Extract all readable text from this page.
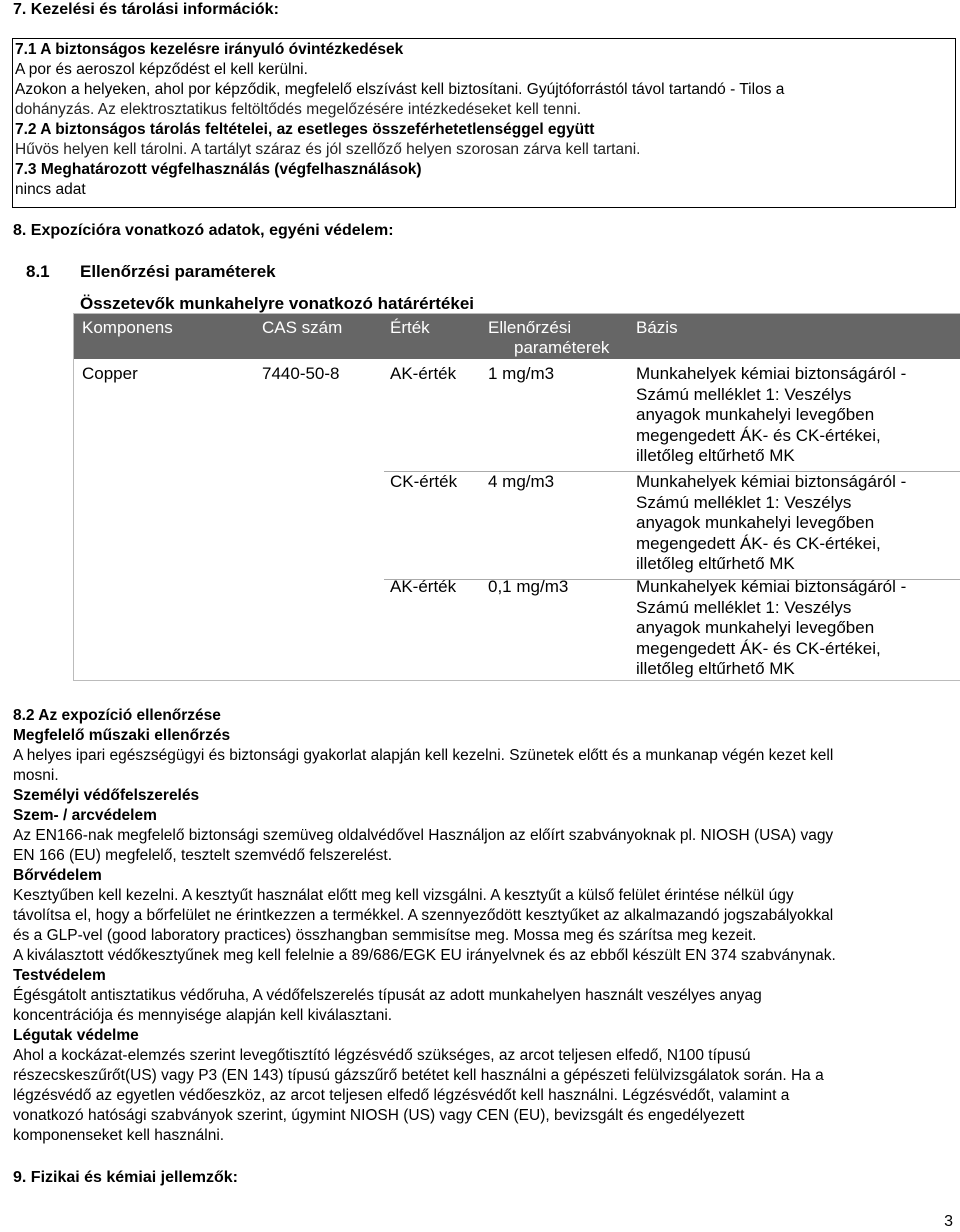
7. Kezelési és tárolási információk:
7.1 A biztonságos kezelésre irányuló óvintézkedések
A por és aeroszol képződést el kell kerülni.
Azokon a helyeken, ahol por képződik, megfelelő elszívást kell biztosítani. Gyújtóforrástól távol tartandó - Tilos a
dohányzás. Az elektrosztatikus feltöltődés megelőzésére intézkedéseket kell tenni.
7.2 A biztonságos tárolás feltételei, az esetleges összeférhetetlenséggel együtt
Hűvös helyen kell tárolni. A tartályt száraz és jól szellőző helyen szorosan zárva kell tartani.
7.3 Meghatározott végfelhasználás (végfelhasználások)
nincs adat
8. Expozícióra vonatkozó adatok, egyéni védelem:
8.1 Ellenőrzési paraméterek
Összetevők munkahelyre vonatkozó határértékei
Komponens	CAS szám	Érték	Ellenőrzési
paraméterek
Bázis
Copper	7440-50-8	AK-érték 1 mg/m3	Munkahelyek kémiai biztonságáról -
Számú melléklet 1: Veszélys
anyagok munkahelyi levegőben
megengedett ÁK- és CK-értékei,
illetőleg eltűrhető MK
CK-érték 4 mg/m3	Munkahelyek kémiai biztonságáról -
Számú melléklet 1: Veszélys
anyagok munkahelyi levegőben
megengedett ÁK- és CK-értékei,
illetőleg eltűrhető MK
AK-érték 0,1 mg/m3	Munkahelyek kémiai biztonságáról -
Számú melléklet 1: Veszélys
anyagok munkahelyi levegőben
megengedett ÁK- és CK-értékei,
illetőleg eltűrhető MK
8.2 Az expozíció ellenőrzése
Megfelelő műszaki ellenőrzés
A helyes ipari egészségügyi és biztonsági gyakorlat alapján kell kezelni. Szünetek előtt és a munkanap végén kezet kell
mosni.
Személyi védőfelszerelés
Szem- / arcvédelem
Az EN166-nak megfelelő biztonsági szemüveg oldalvédővel Használjon az előírt szabványoknak pl. NIOSH (USA) vagy
EN 166 (EU) megfelelő, tesztelt szemvédő felszerelést.
Bőrvédelem
Kesztyűben kell kezelni. A kesztyűt használat előtt meg kell vizsgálni. A kesztyűt a külső felület érintése nélkül úgy
távolítsa el, hogy a bőrfelület ne érintkezzen a termékkel. A szennyeződött kesztyűket az alkalmazandó jogszabályokkal
és a GLP-vel (good laboratory practices) összhangban semmisítse meg. Mossa meg és szárítsa meg kezeit.
A kiválasztott védőkesztyűnek meg kell felelnie a 89/686/EGK EU irányelvnek és az ebből készült EN 374 szabványnak.
Testvédelem
Égésgátolt antisztatikus védőruha, A védőfelszerelés típusát az adott munkahelyen használt veszélyes anyag
koncentrációja és mennyisége alapján kell kiválasztani.
Légutak védelme
Ahol a kockázat-elemzés szerint levegőtisztító légzésvédő szükséges, az arcot teljesen elfedő, N100 típusú
részecskeszűrőt(US) vagy P3 (EN 143) típusú gázszűrő betétet kell használni a gépészeti felülvizsgálatok során. Ha a
légzésvédő az egyetlen védőeszköz, az arcot teljesen elfedő légzésvédőt kell használni. Légzésvédőt, valamint a
vonatkozó hatósági szabványok szerint, úgymint NIOSH (US) vagy CEN (EU), bevizsgált és engedélyezett
komponenseket kell használni.
9. Fizikai és kémiai jellemzők:
3
